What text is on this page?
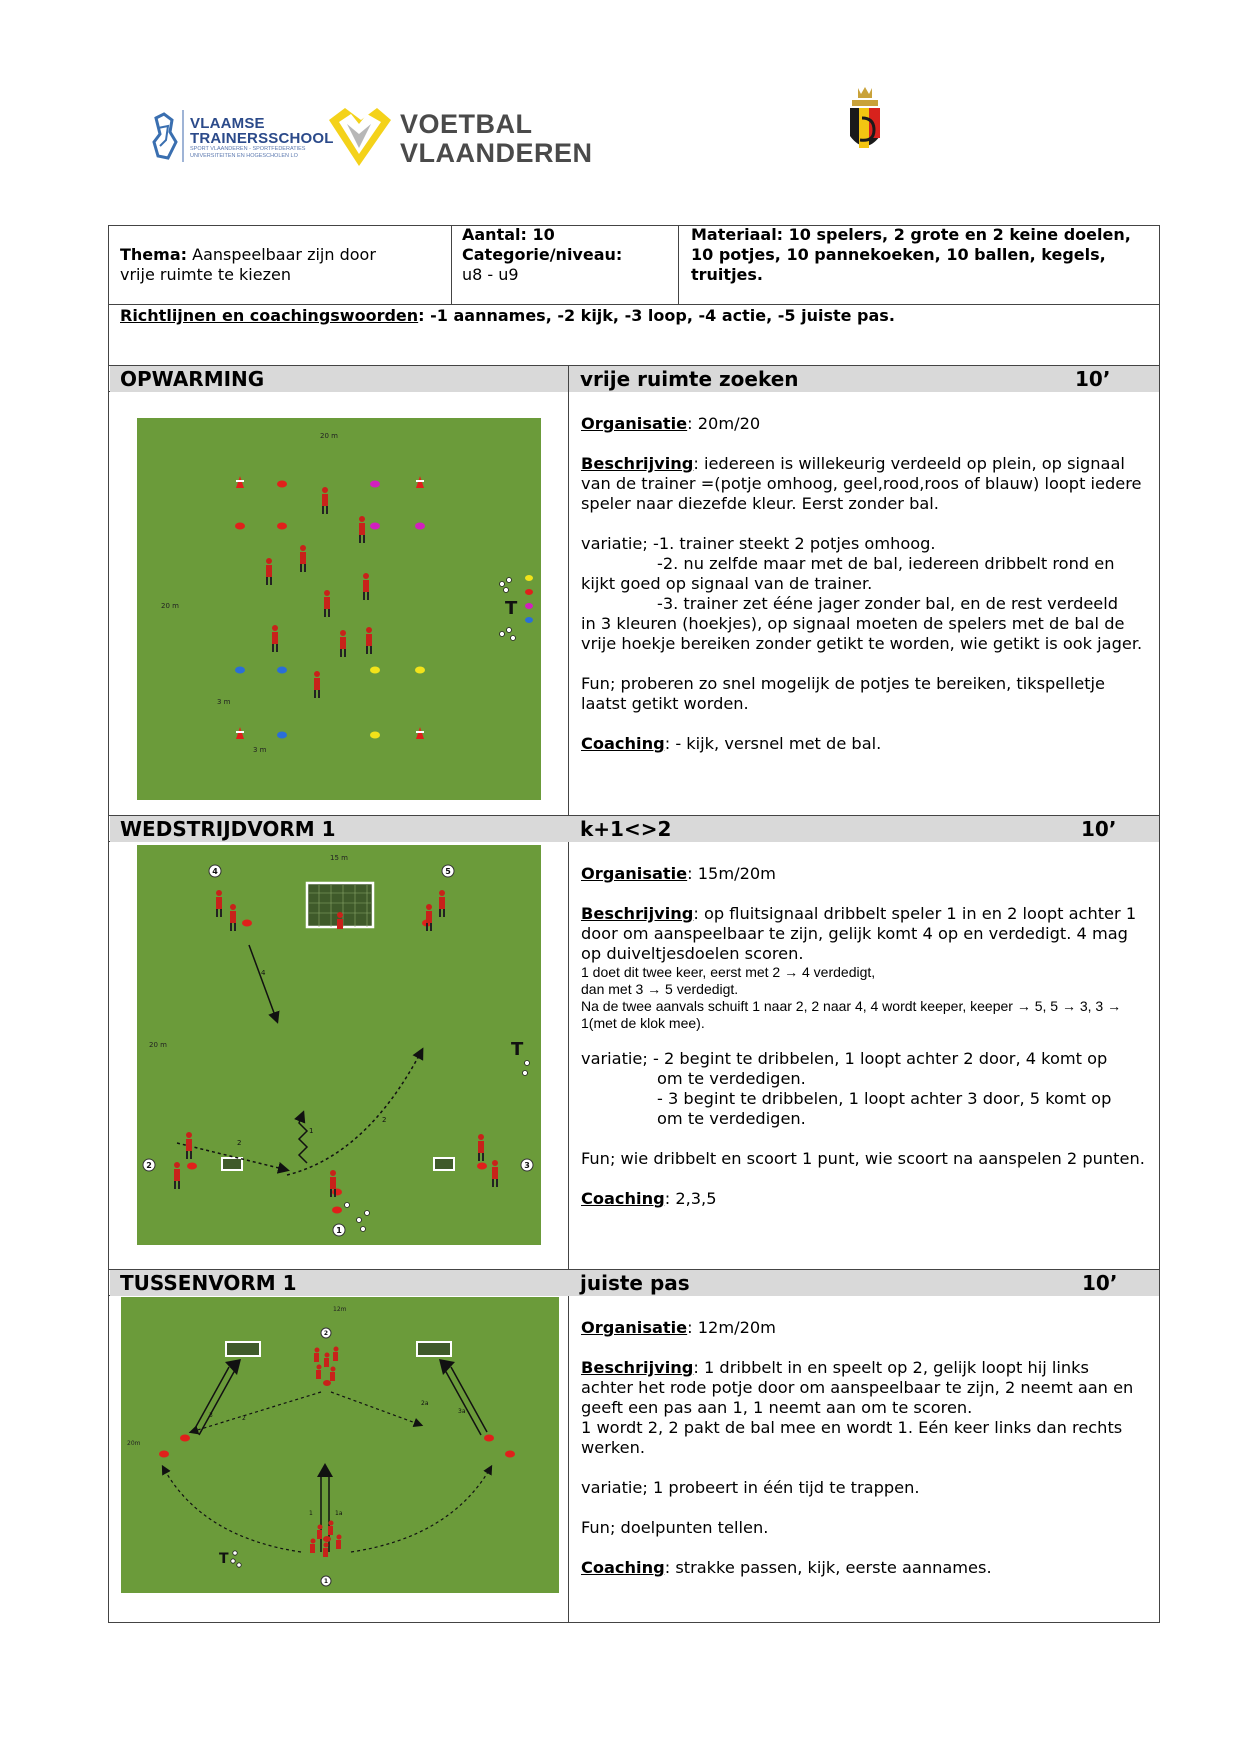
VLAAMSE
TRAINERSSCHOOL
SPORT VLAANDEREN - SPORTFEDERATIES
UNIVERSITEITEN EN HOGESCHOLEN LO
VOETBAL
VLAANDEREN
Thema: Aanspeelbaar zijn door
vrije ruimte te kiezen
Aantal: 10
Categorie/niveau:
u8 - u9
Materiaal: 10 spelers, 2 grote en 2 keine doelen,
10 potjes, 10 pannekoeken, 10 ballen, kegels,
truitjes.
Richtlijnen en coachingswoorden: -1 aannames, -2 kijk, -3 loop, -4 actie, -5 juiste pas.
OPWARMING	vrije ruimte zoeken	10’
WEDSTRIJDVORM 1	k+1<>2	10’
TUSSENVORM 1	juiste pas	10’

Organisatie: 20m/20

Beschrijving: iedereen is willekeurig verdeeld op plein, op signaal van de trainer =(potje omhoog, geel,rood,roos of blauw) loopt iedere speler naar diezefde kleur. Eerst zonder bal.

variatie; -1. trainer steekt 2 potjes omhoog.
-2. nu zelfde maar met de bal, iedereen dribbelt rond en
kijkt goed op signaal van de trainer.
-3. trainer zet ééne jager zonder bal, en de rest verdeeld

in 3 kleuren (hoekjes), op signaal moeten de spelers met de bal de vrije hoekje bereiken zonder getikt te worden, wie getikt is ook jager.

Fun; proberen zo snel mogelijk de potjes te bereiken, tikspelletje laatst getikt worden.

Coaching: - kijk, versnel met de bal.

Organisatie: 15m/20m

Beschrijving: op fluitsignaal dribbelt speler 1 in en 2 loopt achter 1 door om aanspeelbaar te zijn, gelijk komt 4 op en verdedigt. 4 mag op duiveltjesdoelen scoren.
1 doet dit twee keer, eerst met 2 → 4 verdedigt,
dan met 3 → 5 verdedigt.
Na de twee aanvals schuift 1 naar 2, 2 naar 4, 4 wordt keeper, keeper → 5, 5 → 3, 3 → 1(met de klok mee).
variatie; - 2 begint te dribbelen, 1 loopt achter 2 door, 4 komt op
om te verdedigen.
- 3 begint te dribbelen, 1 loopt achter 3 door, 5 komt op

om te verdedigen.

Fun; wie dribbelt en scoort 1 punt, wie scoort na aanspelen 2 punten.

Coaching: 2,3,5

Organisatie: 12m/20m

Beschrijving: 1 dribbelt in en speelt op 2, gelijk loopt hij links achter het rode potje door om aanspeelbaar te zijn, 2 neemt aan en geeft een pas aan 1, 1 neemt aan om te scoren.

1 wordt 2, 2 pakt de bal mee en wordt 1. Eén keer links dan rechts werken.

variatie; 1 probeert in één tijd te trappen.

Fun; doelpunten tellen.

Coaching: strakke passen, kijk, eerste aannames.

20 m
20 m
3 m
3 m
T
15 m
20 m
4	5
2	3
1
T
4
2
1
2
12m
20m
2
1
3	2
2a
3a
1	1a
T
